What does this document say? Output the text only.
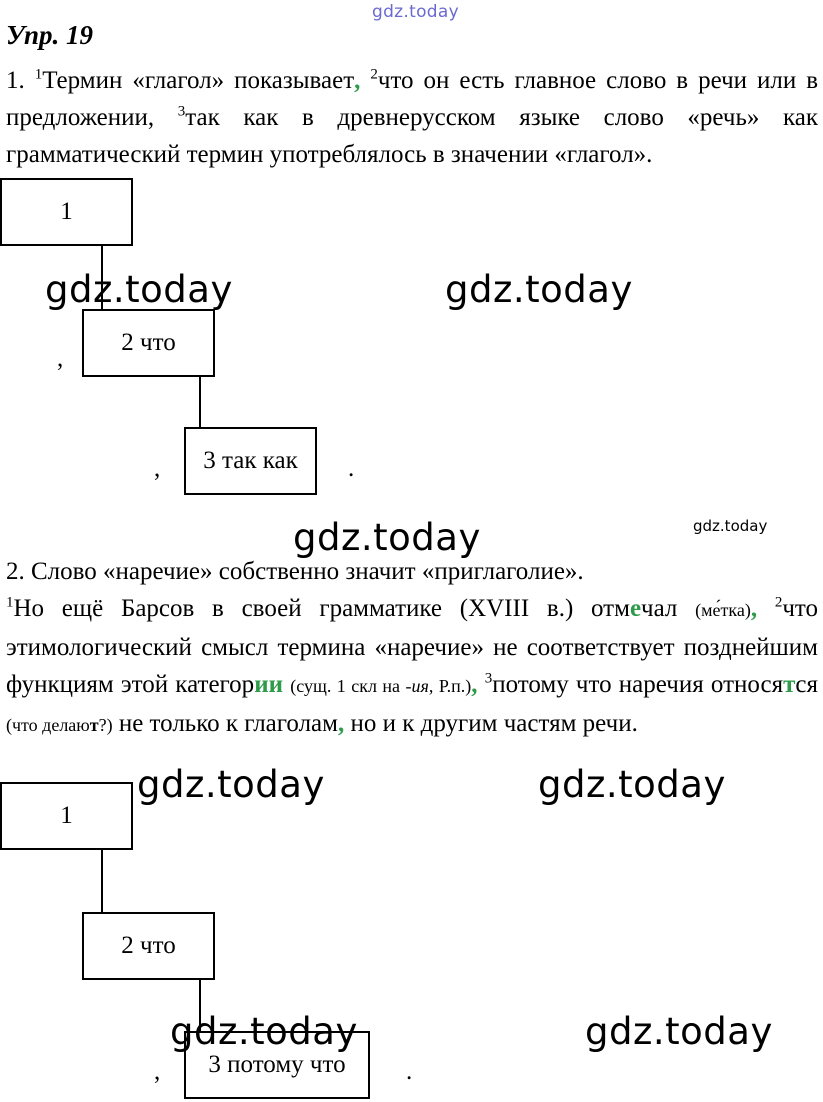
gdz.today
Упр. 19

1. $^1$Термин «глагол» показывает, $^2$что он есть главное слово в речи или в предложении, $^3$так как в древнерусском языке слово «речь» как грамматический термин употреблялось в значении «глагол».

1
,
2 что
, 3 так как .
gdz.today	gdz.today
gdz.today	gdz.today
2. Слово «наречие» собственно значит «приглаголие».

$^1$Но ещё Барсов в своей грамматике (XVIII в.) отмечал (ме́тка), $^2$что этимологический смысл термина «наречие» не соответствует позднейшим функциям этой категории (сущ. 1 скл на -ия, Р.п.), $^3$потому что наречия относятся (что делают?) не только к глаголам, но и к другим частям речи.

1
2 что
, 3 потому что .
gdz.today	gdz.today
gdz.today	gdz.today
